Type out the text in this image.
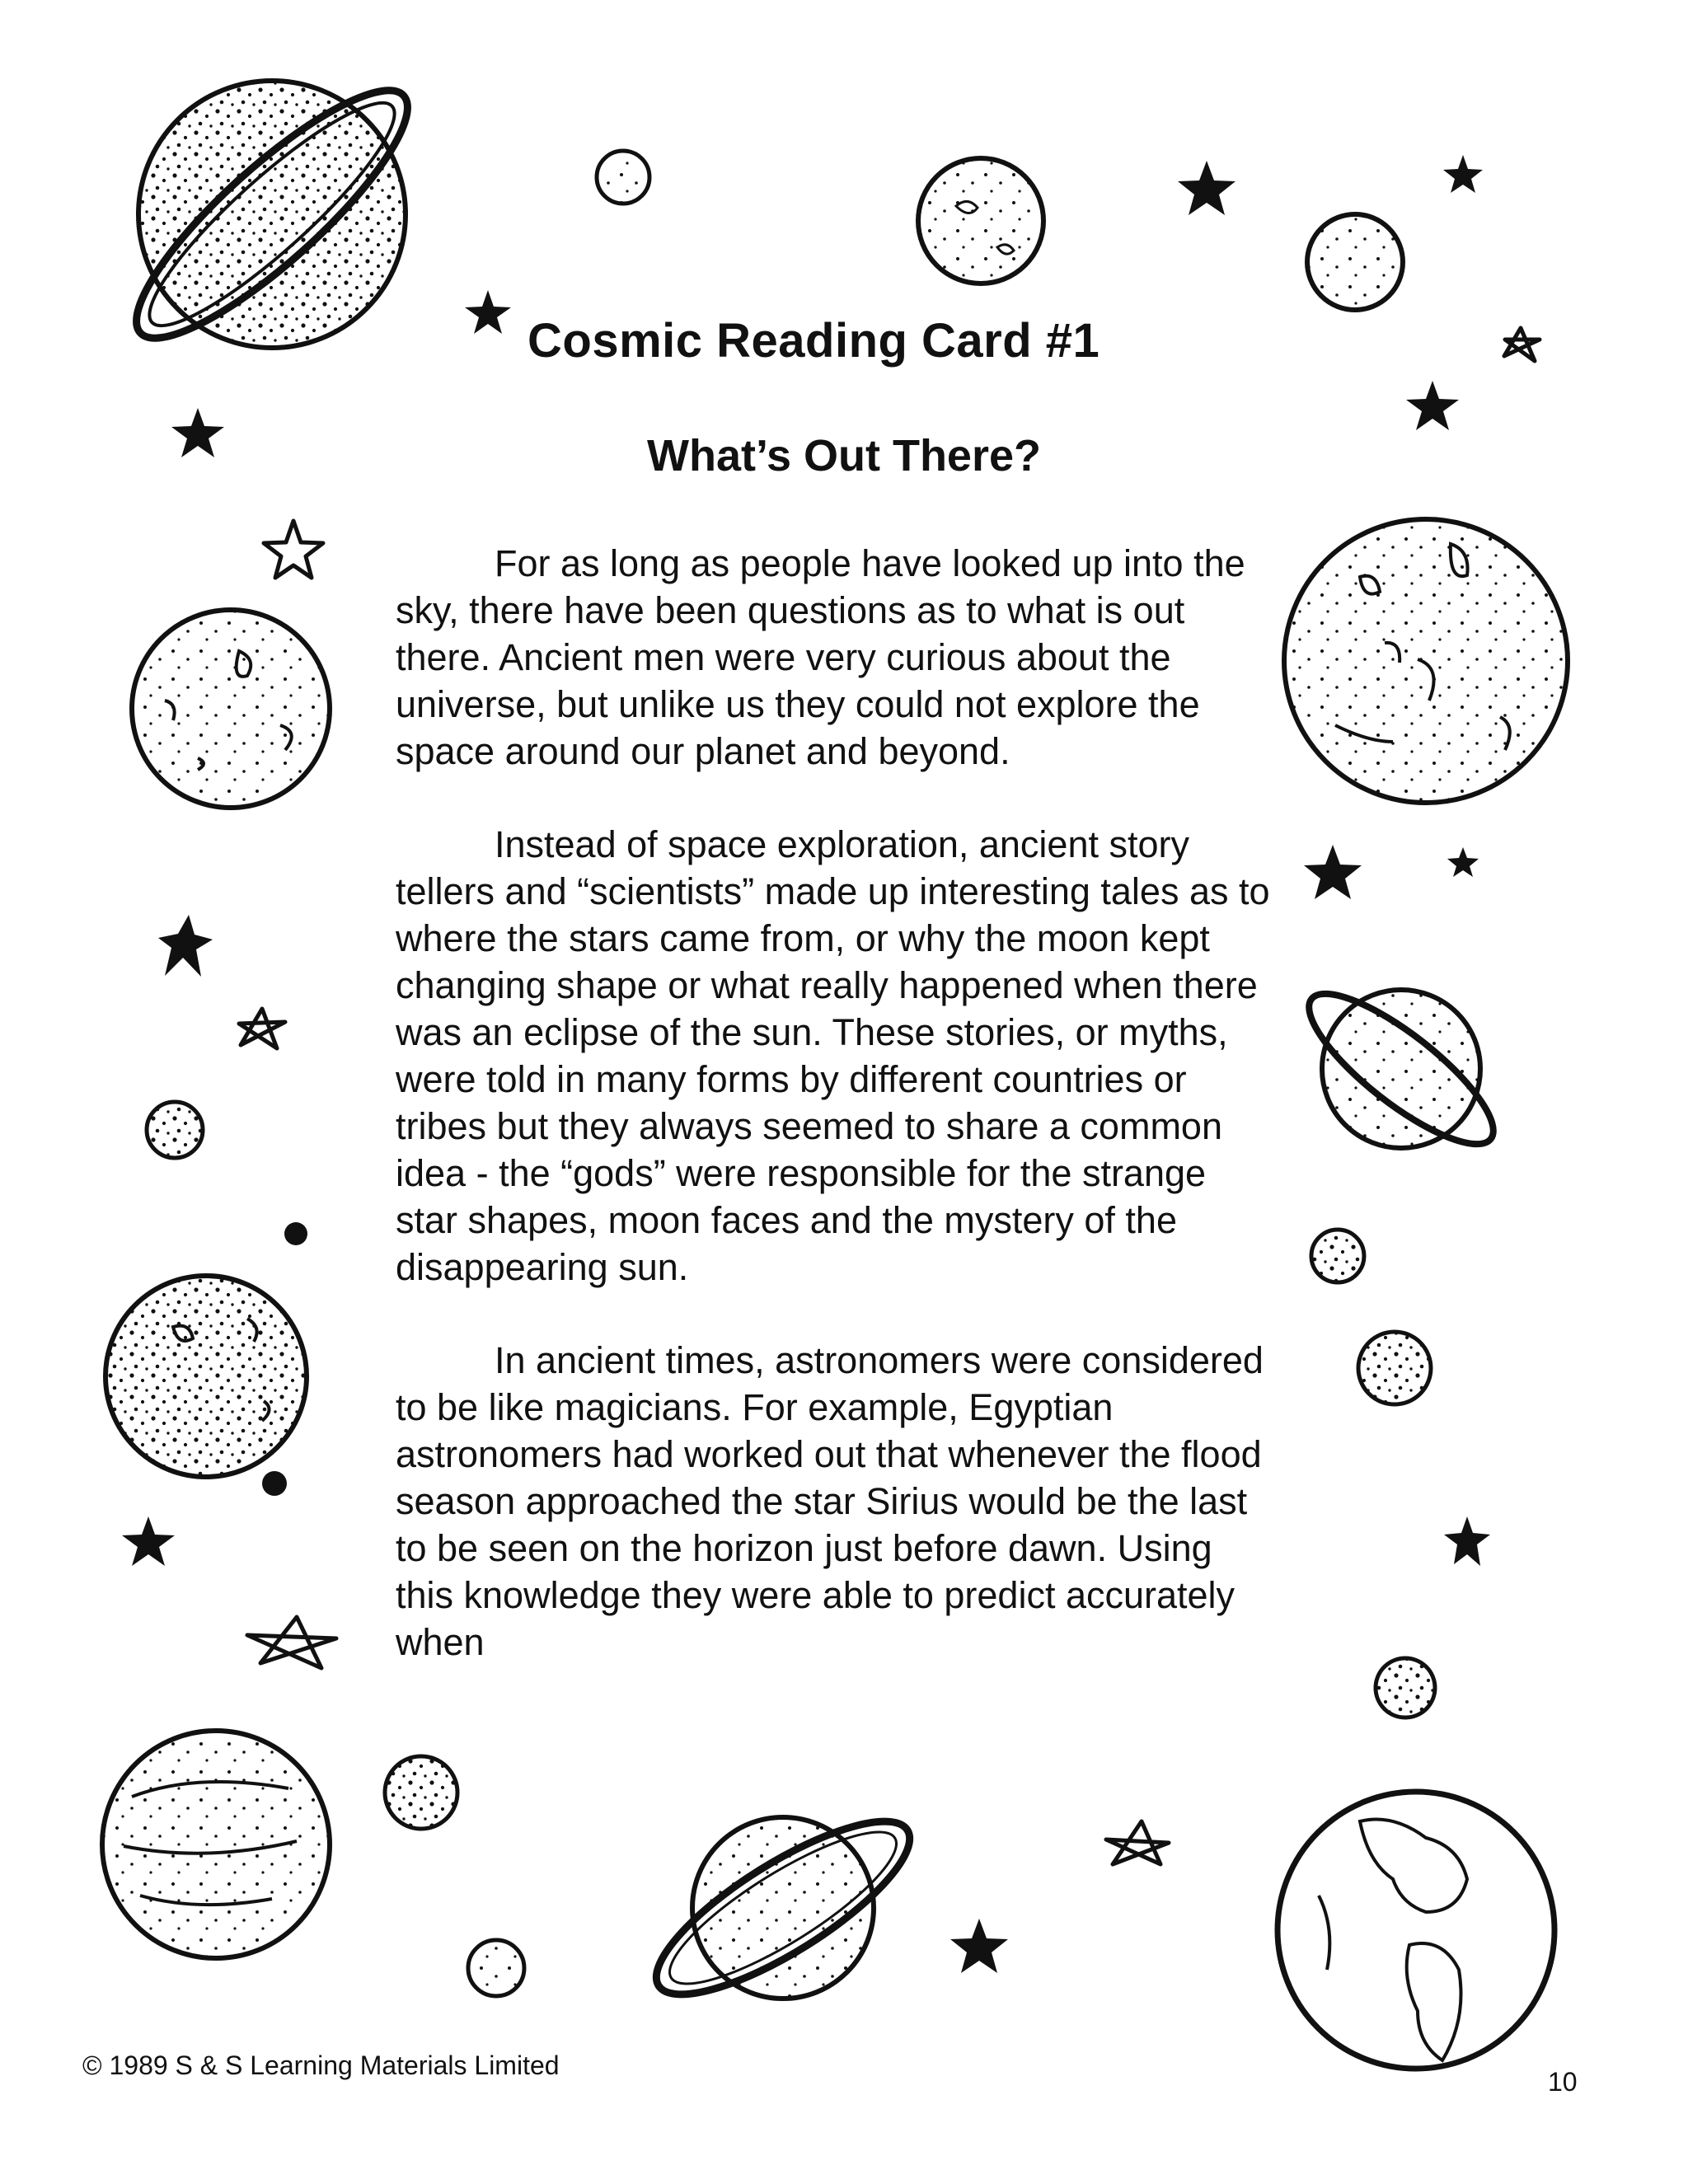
Cosmic Reading Card #1
What’s Out There?

For as long as people have looked up into the sky, there have been questions as to what is out there. Ancient men were very curious about the universe, but unlike us they could not explore the space around our planet and beyond.

Instead of space exploration, ancient story tellers and “scientists” made up interesting tales as to where the stars came from, or why the moon kept changing shape or what really happened when there was an eclipse of the sun. These stories, or myths, were told in many forms by different countries or tribes but they always seemed to share a common idea - the “gods” were responsible for the strange star shapes, moon faces and the mystery of the disappearing sun.

In ancient times, astronomers were considered to be like magicians. For example, Egyptian astronomers had worked out that whenever the flood season approached the star Sirius would be the last to be seen on the horizon just before dawn. Using this knowledge they were able to predict accurately when

© 1989 S & S Learning Materials Limited
10
